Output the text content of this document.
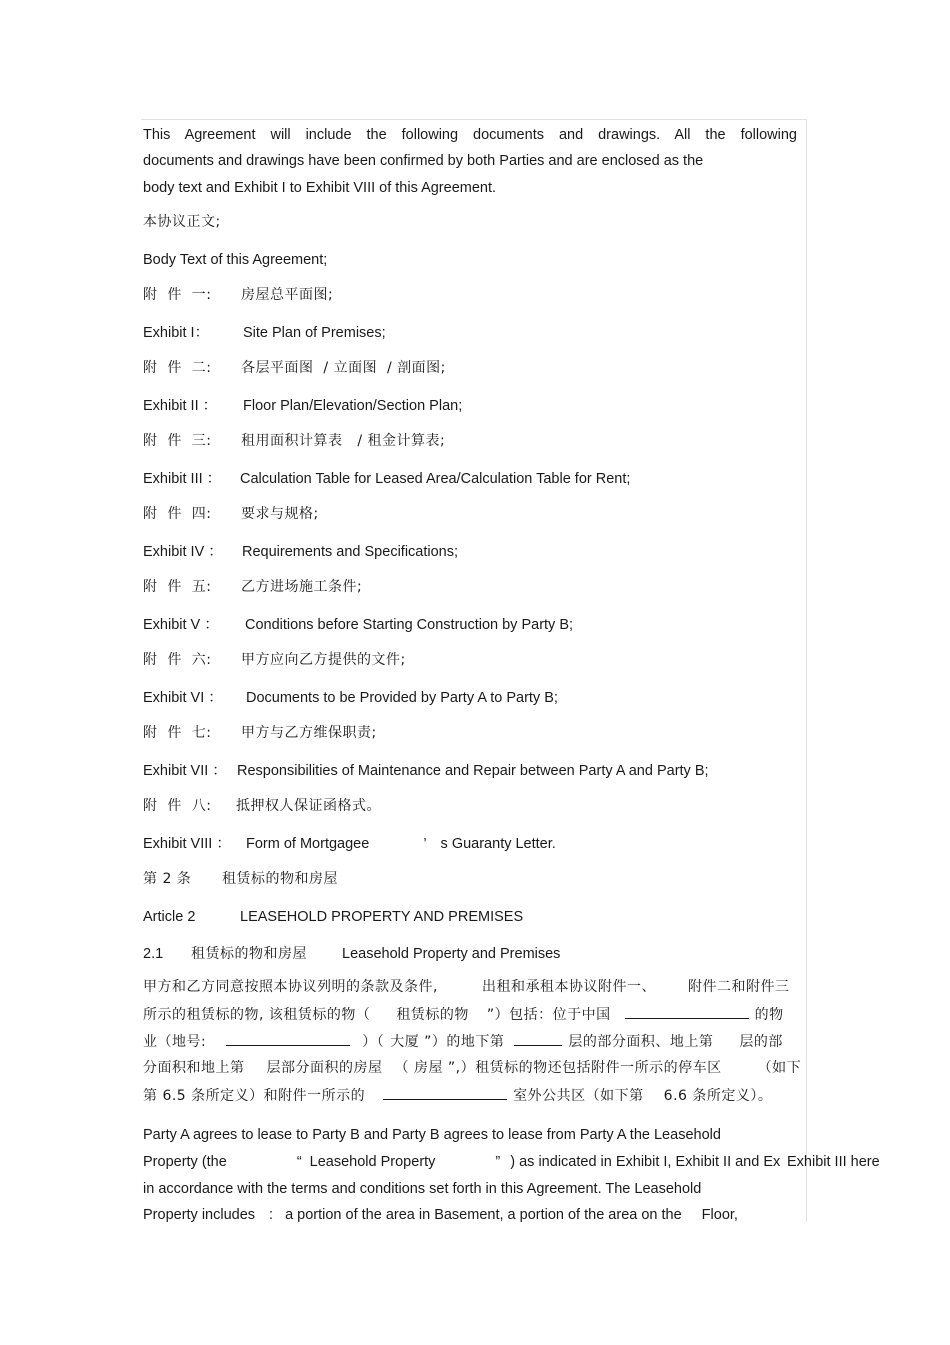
This Agreement will include the following documents and drawings. All the following
documents and drawings have been confirmed by both Parties and are enclosed as the
body text and Exhibit I to Exhibit VIII of this Agreement.
本协议正文;
Body Text of this Agreement;
附  件  一: 房屋总平面图;
Exhibit I： Site Plan of Premises;
附  件  二: 各层平面图  / 立面图  / 剖面图;
Exhibit II ： Floor Plan/Elevation/Section Plan;
附  件  三: 租用面积计算表   / 租金计算表;
Exhibit III ： Calculation Table for Leased Area/Calculation Table for Rent;
附  件  四: 要求与规格;
Exhibit IV ： Requirements and Specifications;
附  件  五: 乙方进场施工条件;
Exhibit V ： Conditions before Starting Construction by Party B;
附  件  六: 甲方应向乙方提供的文件;
Exhibit VI ： Documents to be Provided by Party A to Party B;
附  件  七: 甲方与乙方维保职责;
Exhibit VII ： Responsibilities of Maintenance and Repair between Party A and Party B;
附  件  八: 抵押权人保证函格式。
Exhibit VIII ： Form of Mortgagee	’ s Guaranty Letter.
第 2 条 租赁标的物和房屋
Article 2	LEASEHOLD PROPERTY AND PREMISES
2.1 租赁标的物和房屋 Leasehold Property and Premises
甲方和乙方同意按照本协议列明的条款及条件,	出租和承租本协议附件一、 附件二和附件三
所示的租赁标的物, 该租赁标的物（ 租赁标的物 ”）包括：位于中国	的物
业（地号:	）（ 大厦 ”）的地下第	层的部分面积、地上第 层的部
分面积和地上第 层部分面积的房屋 （ 房屋 ”,）租赁标的物还包括附件一所示的停车区	（如下
第 6.5 条所定义）和附件一所示的	室外公共区（如下第 6.6 条所定义）。
Party A agrees to lease to Party B and Party B agrees to lease from Party A the Leasehold
Property (the	“ Leasehold Property	” ) as indicated in Exhibit I, Exhibit II and Ex Exhibit III here
in accordance with the terms and conditions set forth in this Agreement. The Leasehold
Property includes : a portion of the area in Basement, a portion of the area on the Floor,
